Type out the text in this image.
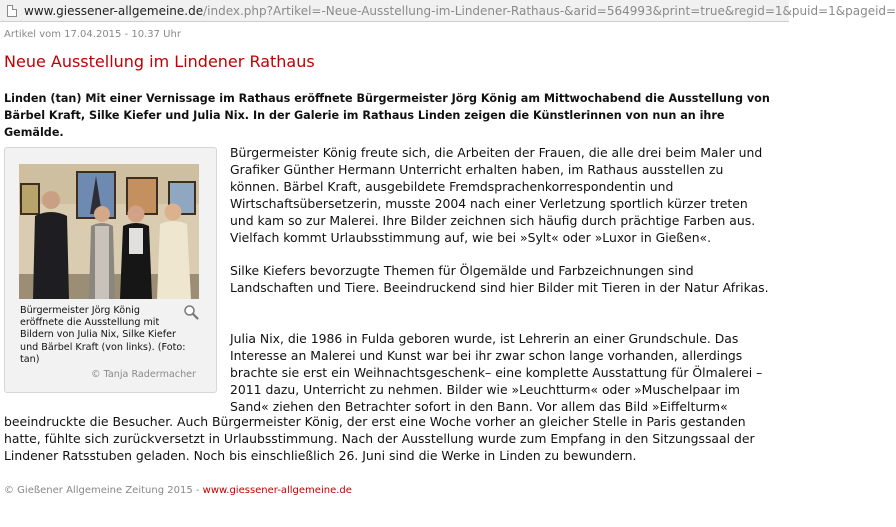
www.giessener-allgemeine.de/index.php?Artikel=-Neue-Ausstellung-im-Lindener-Rathaus-&arid=564993&print=true&regid=1&puid=1&pageid=
Artikel vom 17.04.2015 - 10.37 Uhr
Neue Ausstellung im Lindener Rathaus

Linden (tan) Mit einer Vernissage im Rathaus eröffnete Bürgermeister Jörg König am Mittwochabend die Ausstellung von Bärbel Kraft, Silke Kiefer und Julia Nix. In der Galerie im Rathaus Linden zeigen die Künstlerinnen von nun an ihre Gemälde.

Bürgermeister Jörg König eröffnete die Ausstellung mit Bildern von Julia Nix, Silke Kiefer und Bärbel Kraft (von links). (Foto: tan)
© Tanja Radermacher

Bürgermeister König freute sich, die Arbeiten der Frauen, die alle drei beim Maler und Grafiker Günther Hermann Unterricht erhalten haben, im Rathaus ausstellen zu können. Bärbel Kraft, ausgebildete Fremdsprachenkorrespondentin und Wirtschaftsübersetzerin, musste 2004 nach einer Verletzung sportlich kürzer treten und kam so zur Malerei. Ihre Bilder zeichnen sich häufig durch prächtige Farben aus. Vielfach kommt Urlaubsstimmung auf, wie bei »Sylt« oder »Luxor in Gießen«.

Silke Kiefers bevorzugte Themen für Ölgemälde und Farbzeichnungen sind Landschaften und Tiere. Beeindruckend sind hier Bilder mit Tieren in der Natur Afrikas.

Julia Nix, die 1986 in Fulda geboren wurde, ist Lehrerin an einer Grundschule. Das Interesse an Malerei und Kunst war bei ihr zwar schon lange vorhanden, allerdings brachte sie erst ein Weihnachtsgeschenk– eine komplette Ausstattung für Ölmalerei – 2011 dazu, Unterricht zu nehmen. Bilder wie »Leuchtturm« oder »Muschelpaar im Sand« ziehen den Betrachter sofort in den Bann. Vor allem das Bild »Eiffelturm«

beeindruckte die Besucher. Auch Bürgermeister König, der erst eine Woche vorher an gleicher Stelle in Paris gestanden hatte, fühlte sich zurückversetzt in Urlaubsstimmung. Nach der Ausstellung wurde zum Empfang in den Sitzungssaal der Lindener Ratsstuben geladen. Noch bis einschließlich 26. Juni sind die Werke in Linden zu bewundern.

© Gießener Allgemeine Zeitung 2015 - www.giessener-allgemeine.de
